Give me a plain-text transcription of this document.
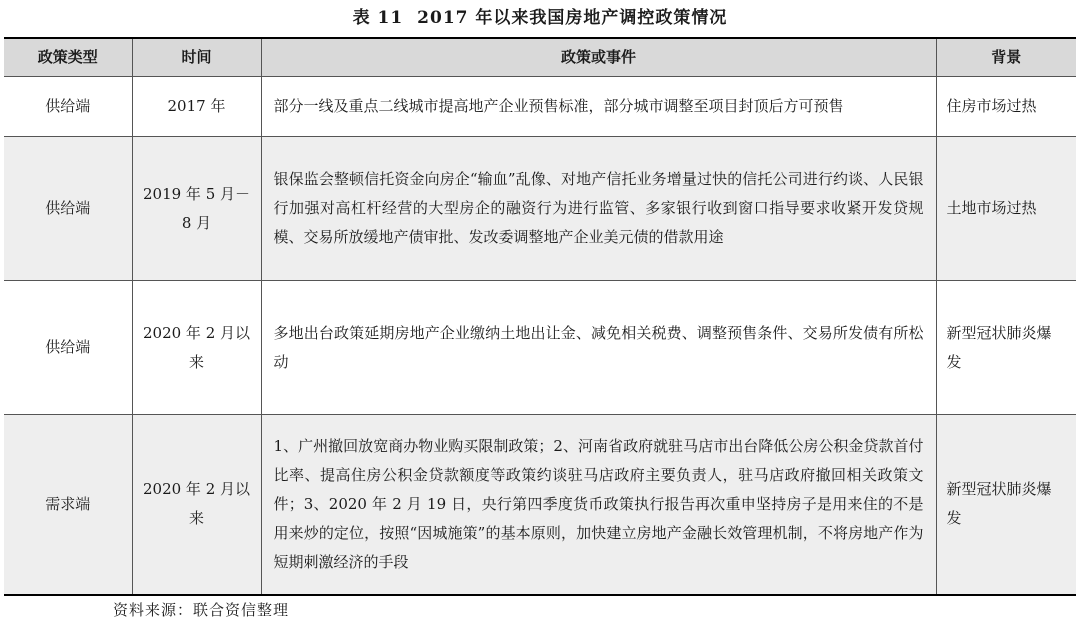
表 11 2017 年以来我国房地产调控政策情况
政策类型	时间	政策或事件	背景
供给端	2017 年	部分一线及重点二线城市提高地产企业预售标准，部分城市调整至项目封顶后方可预售	住房市场过热
供给端	2019 年 5 月－8 月	银保监会整顿信托资金向房企“输血”乱像、对地产信托业务增量过快的信托公司进行约谈、人民银行加强对高杠杆经营的大型房企的融资行为进行监管、多家银行收到窗口指导要求收紧开发贷规模、交易所放缓地产债审批、发改委调整地产企业美元债的借款用途	土地市场过热
供给端	2020 年 2 月以来	多地出台政策延期房地产企业缴纳土地出让金、减免相关税费、调整预售条件、交易所发债有所松动	新型冠状肺炎爆发
需求端	2020 年 2 月以来	1、广州撤回放宽商办物业购买限制政策；2、河南省政府就驻马店市出台降低公房公积金贷款首付比率、提高住房公积金贷款额度等政策约谈驻马店政府主要负责人，驻马店政府撤回相关政策文件；3、2020 年 2 月 19 日，央行第四季度货币政策执行报告再次重申坚持房子是用来住的不是用来炒的定位，按照“因城施策”的基本原则，加快建立房地产金融长效管理机制，不将房地产作为短期刺激经济的手段	新型冠状肺炎爆发
资料来源：联合资信整理
